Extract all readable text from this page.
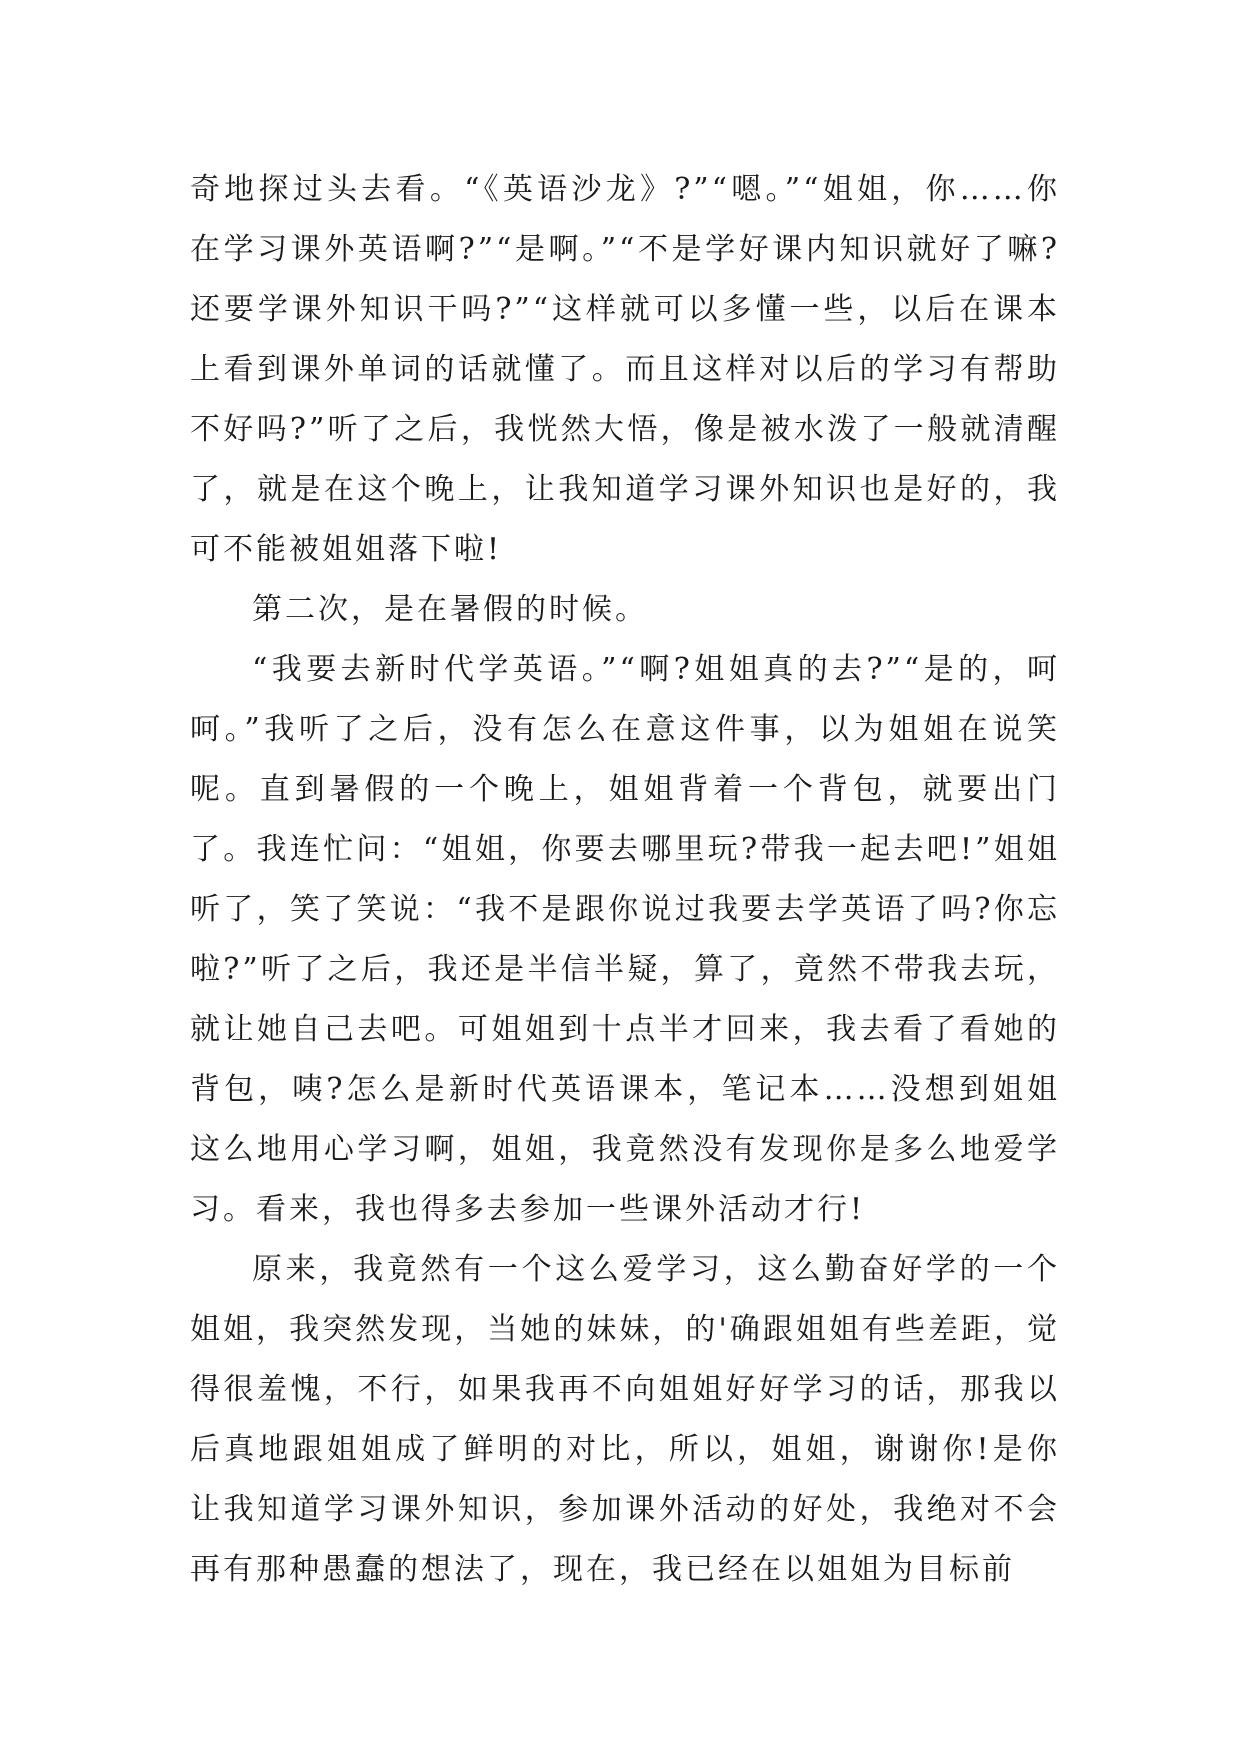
奇地探过头去看。“《英语沙龙》?”“嗯。”“姐姐，你……你在学习课外英语啊?”“是啊。”“不是学好课内知识就好了嘛?还要学课外知识干吗?”“这样就可以多懂一些，以后在课本上看到课外单词的话就懂了。而且这样对以后的学习有帮助不好吗?”听了之后，我恍然大悟，像是被水泼了一般就清醒了，就是在这个晚上，让我知道学习课外知识也是好的，我可不能被姐姐落下啦!

第二次，是在暑假的时候。

“我要去新时代学英语。”“啊?姐姐真的去?”“是的，呵呵。”我听了之后，没有怎么在意这件事，以为姐姐在说笑呢。直到暑假的一个晚上，姐姐背着一个背包，就要出门了。我连忙问：“姐姐，你要去哪里玩?带我一起去吧!”姐姐听了，笑了笑说：“我不是跟你说过我要去学英语了吗?你忘啦?”听了之后，我还是半信半疑，算了，竟然不带我去玩，就让她自己去吧。可姐姐到十点半才回来，我去看了看她的背包，咦?怎么是新时代英语课本，笔记本……没想到姐姐这么地用心学习啊，姐姐，我竟然没有发现你是多么地爱学习。看来，我也得多去参加一些课外活动才行!

原来，我竟然有一个这么爱学习，这么勤奋好学的一个姐姐，我突然发现，当她的妹妹，的'确跟姐姐有些差距，觉得很羞愧，不行，如果我再不向姐姐好好学习的话，那我以后真地跟姐姐成了鲜明的对比，所以，姐姐，谢谢你!是你让我知道学习课外知识，参加课外活动的好处，我绝对不会再有那种愚蠢的想法了，现在，我已经在以姐姐为目标前
